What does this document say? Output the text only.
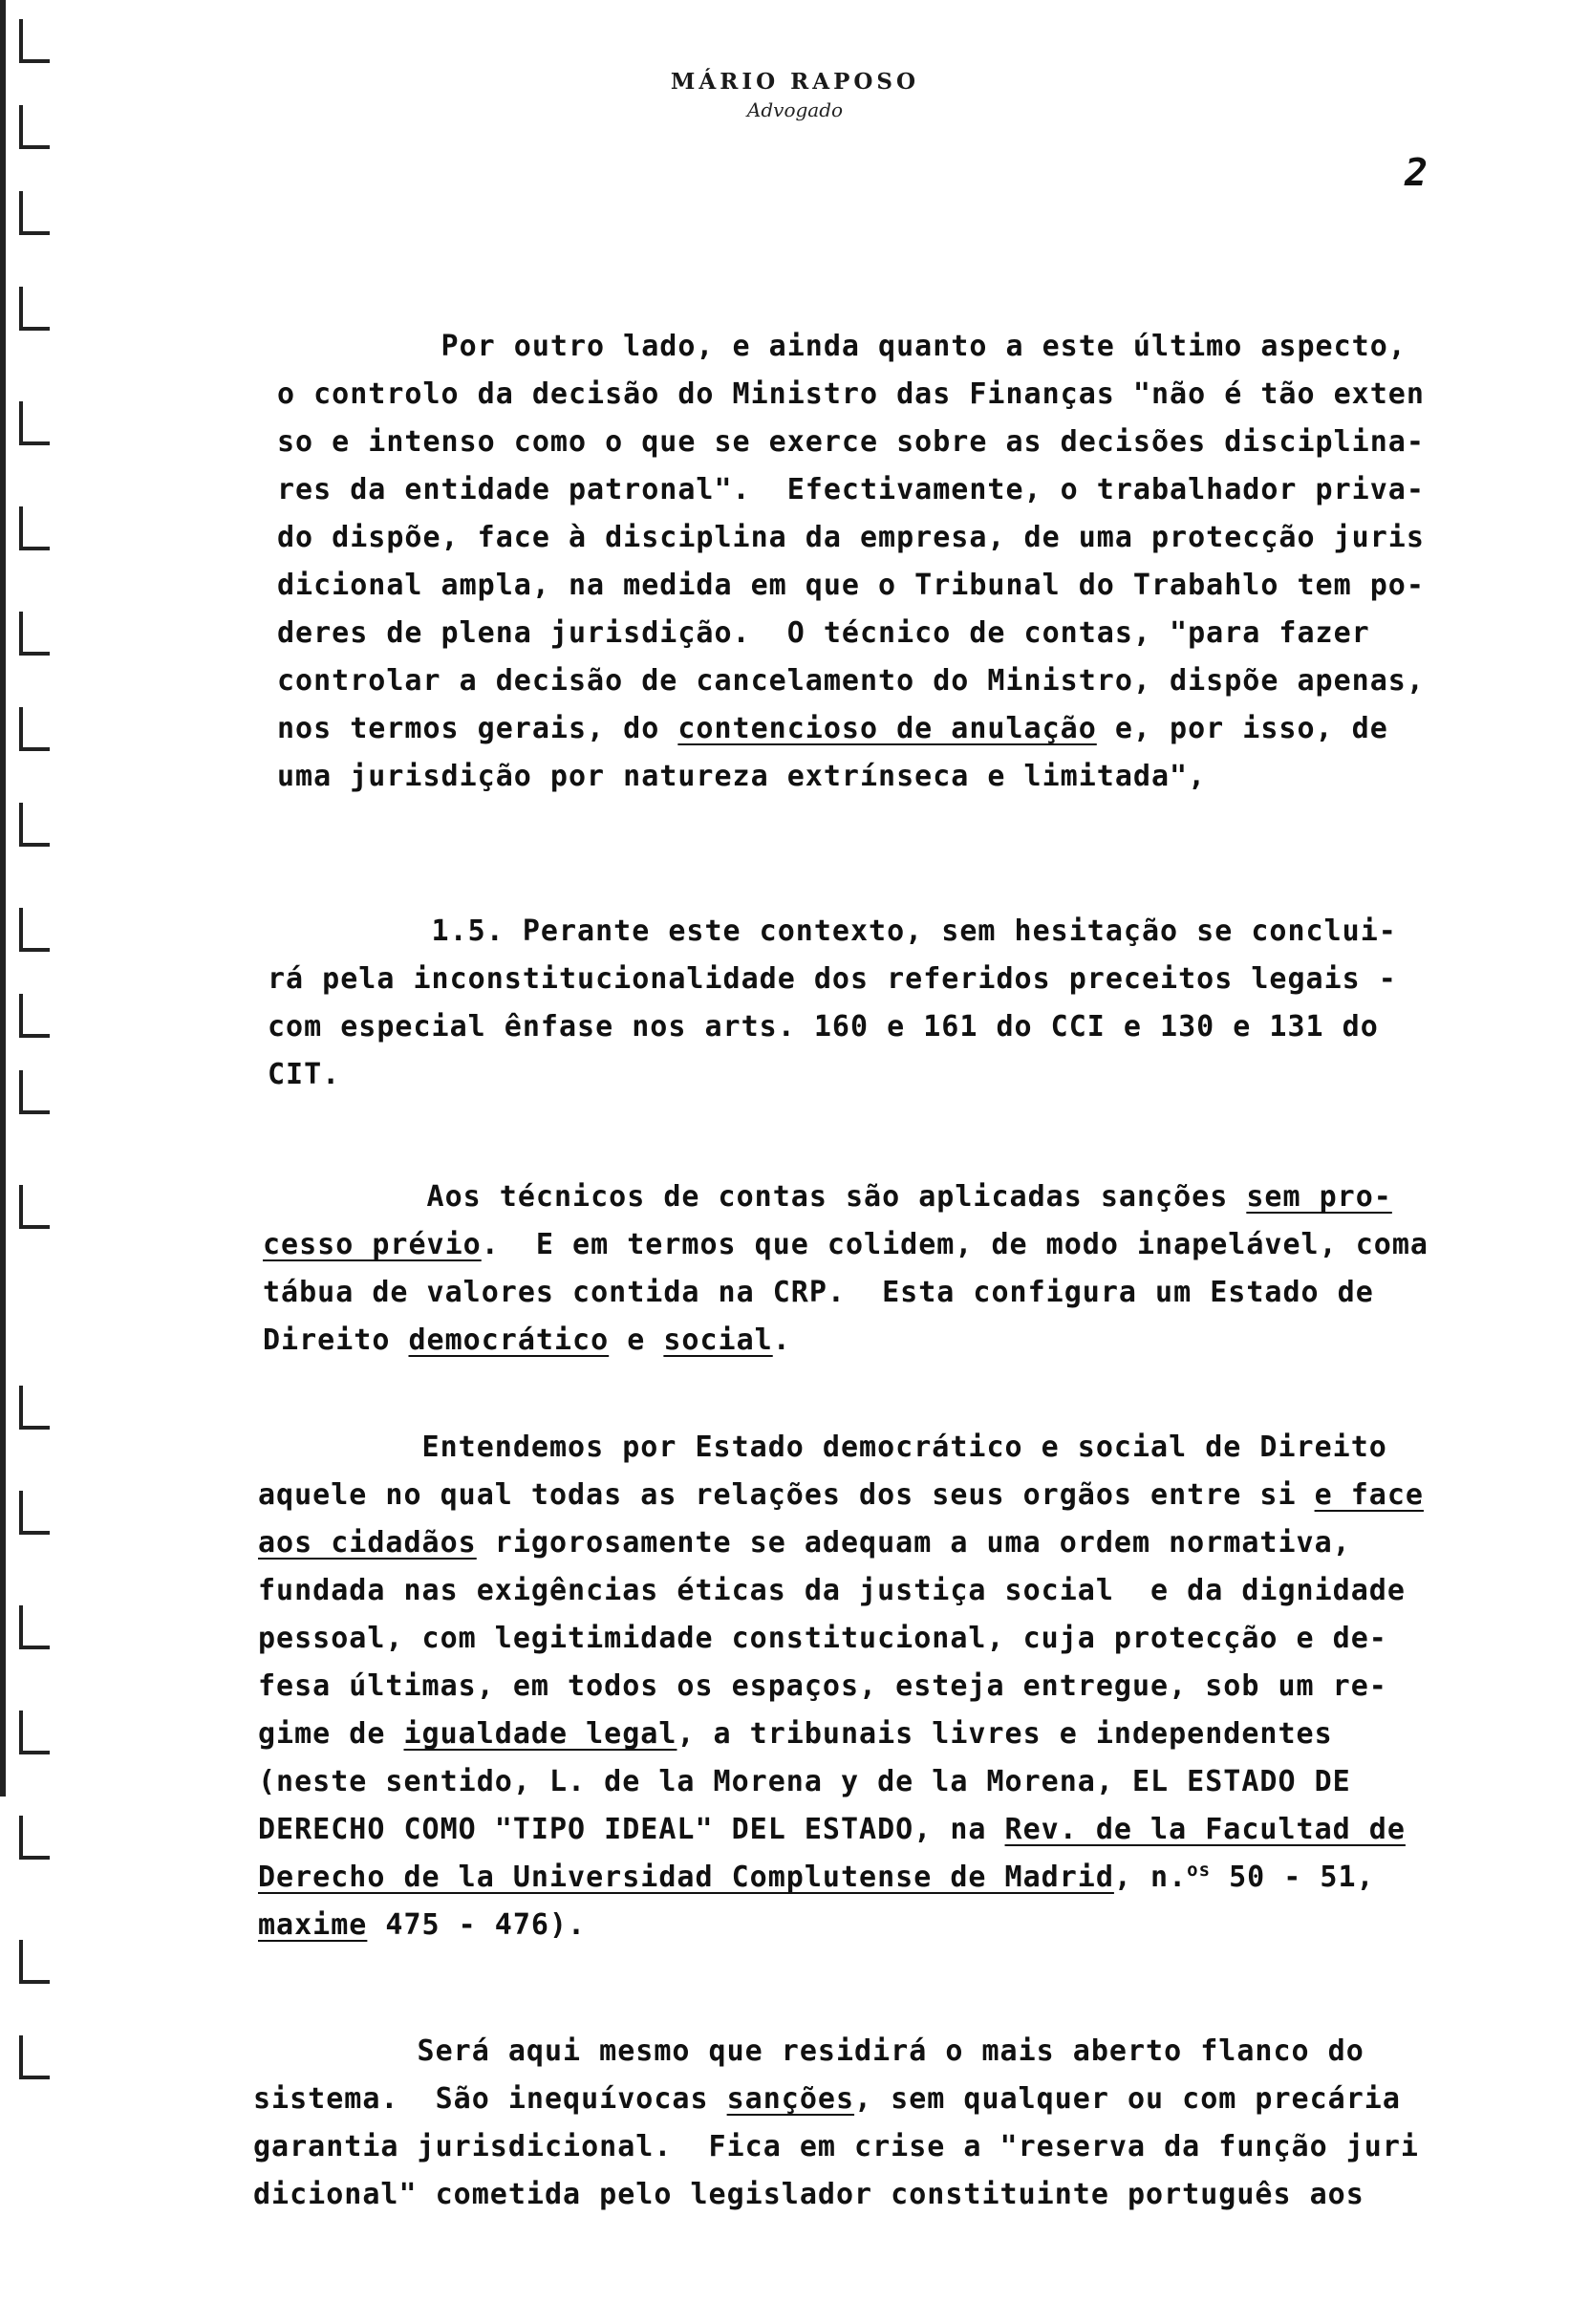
MÁRIO RAPOSO
Advogado
2
Por outro lado, e ainda quanto a este último aspecto,
o controlo da decisão do Ministro das Finanças "não é tão exten
so e intenso como o que se exerce sobre as decisões disciplina-
res da entidade patronal".  Efectivamente, o trabalhador priva-
do dispõe, face à disciplina da empresa, de uma protecção juris
dicional ampla, na medida em que o Tribunal do Trabahlo tem po-
deres de plena jurisdição.  O técnico de contas, "para fazer
controlar a decisão de cancelamento do Ministro, dispõe apenas,
nos termos gerais, do contencioso de anulação e, por isso, de
uma jurisdição por natureza extrínseca e limitada",
1.5. Perante este contexto, sem hesitação se conclui-
rá pela inconstitucionalidade dos referidos preceitos legais -
com especial ênfase nos arts. 160 e 161 do CCI e 130 e 131 do
CIT.
Aos técnicos de contas são aplicadas sanções sem pro-
cesso prévio.  E em termos que colidem, de modo inapelável, coma
tábua de valores contida na CRP.  Esta configura um Estado de
Direito democrático e social.
Entendemos por Estado democrático e social de Direito
aquele no qual todas as relações dos seus orgãos entre si e face
aos cidadãos rigorosamente se adequam a uma ordem normativa,
fundada nas exigências éticas da justiça social  e da dignidade
pessoal, com legitimidade constitucional, cuja protecção e de-
fesa últimas, em todos os espaços, esteja entregue, sob um re-
gime de igualdade legal, a tribunais livres e independentes
(neste sentido, L. de la Morena y de la Morena, EL ESTADO DE
DERECHO COMO "TIPO IDEAL" DEL ESTADO, na Rev. de la Facultad de
Derecho de la Universidad Complutense de Madrid, n.$^{os}$ 50 - 51,
maxime 475 - 476).
Será aqui mesmo que residirá o mais aberto flanco do
sistema.  São inequívocas sanções, sem qualquer ou com precária
garantia jurisdicional.  Fica em crise a "reserva da função juri
dicional" cometida pelo legislador constituinte português aos
